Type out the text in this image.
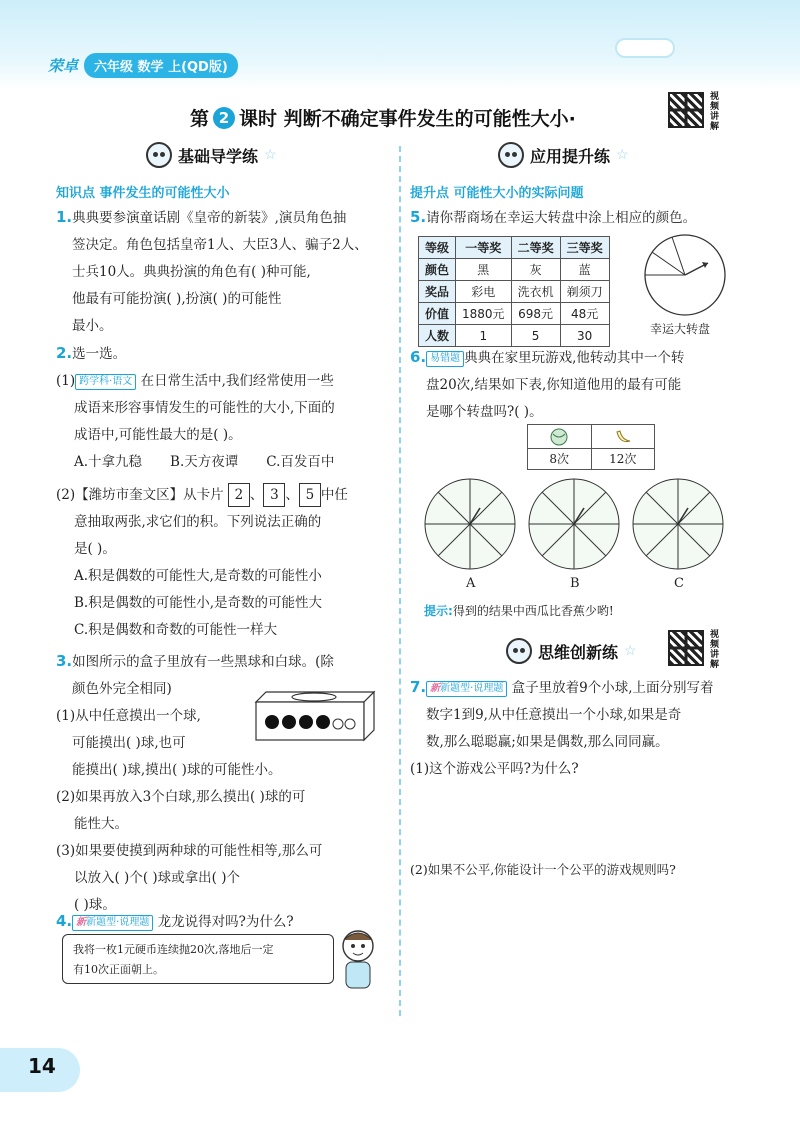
荣卓	六年级 数学 上(QD版)
第 2 课时 判断不确定事件发生的可能性大小·
视频讲解
基础导学练 ☆
知识点 事件发生的可能性大小
1.典典要参演童话剧《皇帝的新装》,演员角色抽
签决定。角色包括皇帝1人、大臣3人、骗子2人、
士兵10人。典典扮演的角色有( )种可能,
他最有可能扮演( ),扮演( )的可能性
最小。
2.选一选。
(1) 跨学科·语文 在日常生活中,我们经常使用一些
成语来形容事情发生的可能性的大小,下面的
成语中,可能性最大的是( )。
A.十拿九稳 B.天方夜谭 C.百发百中
(2)【潍坊市奎文区】从卡片 2 、 3 、 5 中任
意抽取两张,求它们的积。下列说法正确的
是( )。
A.积是偶数的可能性大,是奇数的可能性小
B.积是偶数的可能性小,是奇数的可能性大
C.积是偶数和奇数的可能性一样大
3.如图所示的盒子里放有一些黑球和白球。(除
颜色外完全相同)
(1)从中任意摸出一个球,
可能摸出( )球,也可
能摸出( )球,摸出( )球的可能性小。
(2)如果再放入3个白球,那么摸出( )球的可
能性大。
(3)如果要使摸到两种球的可能性相等,那么可
以放入( )个( )球或拿出( )个
( )球。
4. 新新题型·说理题 龙龙说得对吗?为什么?
我将一枚1元硬币连续抛20次,落地后一定
有10次正面朝上。
应用提升练 ☆
提升点 可能性大小的实际问题
5.请你帮商场在幸运大转盘中涂上相应的颜色。
等级	一等奖	二等奖	三等奖
颜色	黑	灰	蓝
奖品	彩电	洗衣机	剃须刀
价值	1880元	698元	48元
人数	1	5	30	幸运大转盘
6. 易错题 典典在家里玩游戏,他转动其中一个转
盘20次,结果如下表,你知道他用的最有可能
是哪个转盘吗?( )。
8次	12次
A	B	C
提示:得到的结果中西瓜比香蕉少哟!
思维创新练 ☆
视频讲解
7. 新新题型·说理题 盒子里放着9个小球,上面分别写着
数字1到9,从中任意摸出一个小球,如果是奇
数,那么聪聪赢;如果是偶数,那么同同赢。
(1)这个游戏公平吗?为什么?
(2)如果不公平,你能设计一个公平的游戏规则吗?
14
